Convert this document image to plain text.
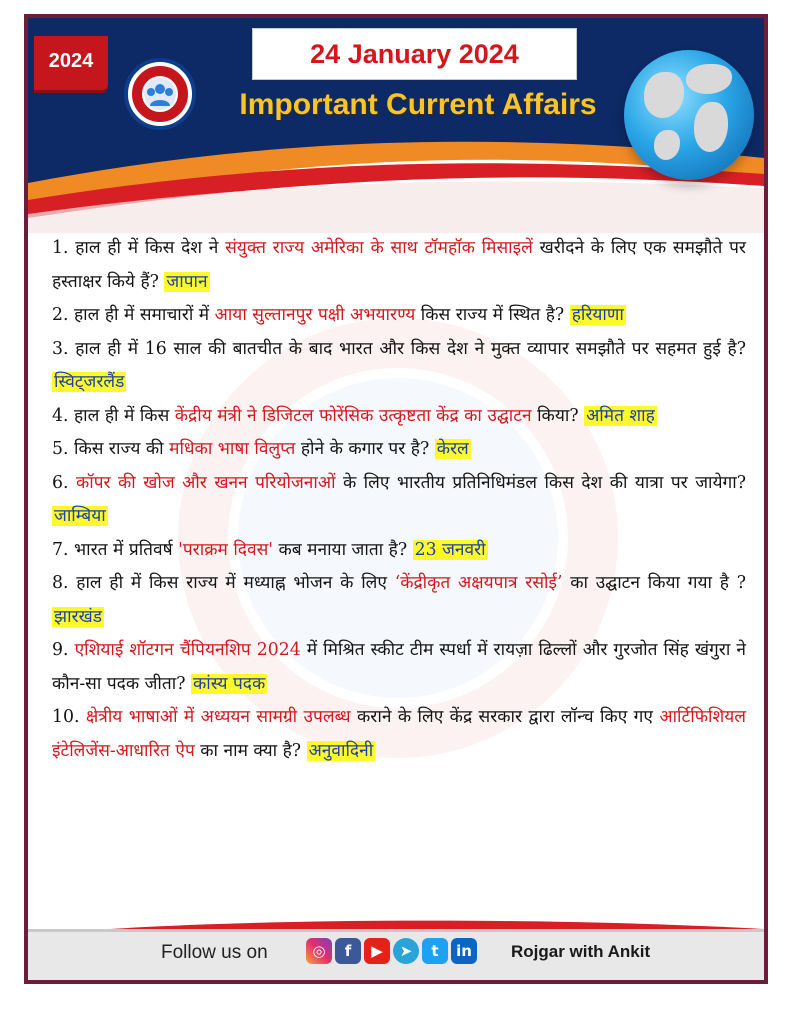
2024	24 January 2024
Important Current Affairs

1. हाल ही में किस देश ने संयुक्त राज्य अमेरिका के साथ टॉमहॉक मिसाइलें खरीदने के लिए एक समझौते पर हस्ताक्षर किये हैं? जापान

2. हाल ही में समाचारों में आया सुल्तानपुर पक्षी अभयारण्य किस राज्य में स्थित है? हरियाणा

3. हाल ही में 16 साल की बातचीत के बाद भारत और किस देश ने मुक्त व्यापार समझौते पर सहमत हुई है? स्विट्जरलैंड

4. हाल ही में किस केंद्रीय मंत्री ने डिजिटल फोरेंसिक उत्कृष्टता केंद्र का उद्घाटन किया? अमित शाह

5. किस राज्य की मधिका भाषा विलुप्त होने के कगार पर है? केरल

6. कॉपर की खोज और खनन परियोजनाओं के लिए भारतीय प्रतिनिधिमंडल किस देश की यात्रा पर जायेगा? जाम्बिया

7. भारत में प्रतिवर्ष 'पराक्रम दिवस' कब मनाया जाता है? 23 जनवरी

8. हाल ही में किस राज्य में मध्याह्न भोजन के लिए ‘केंद्रीकृत अक्षयपात्र रसोई’ का उद्घाटन किया गया है ? झारखंड

9. एशियाई शॉटगन चैंपियनशिप 2024 में मिश्रित स्कीट टीम स्पर्धा में रायज़ा ढिल्लों और गुरजोत सिंह खंगुरा ने कौन-सा पदक जीता? कांस्य पदक

10. क्षेत्रीय भाषाओं में अध्ययन सामग्री उपलब्ध कराने के लिए केंद्र सरकार द्वारा लॉन्च किए गए आर्टिफिशियल इंटेलिजेंस-आधारित ऐप का नाम क्या है? अनुवादिनी

Follow us on	◎ f ▶ ➤ t in	Rojgar with Ankit
